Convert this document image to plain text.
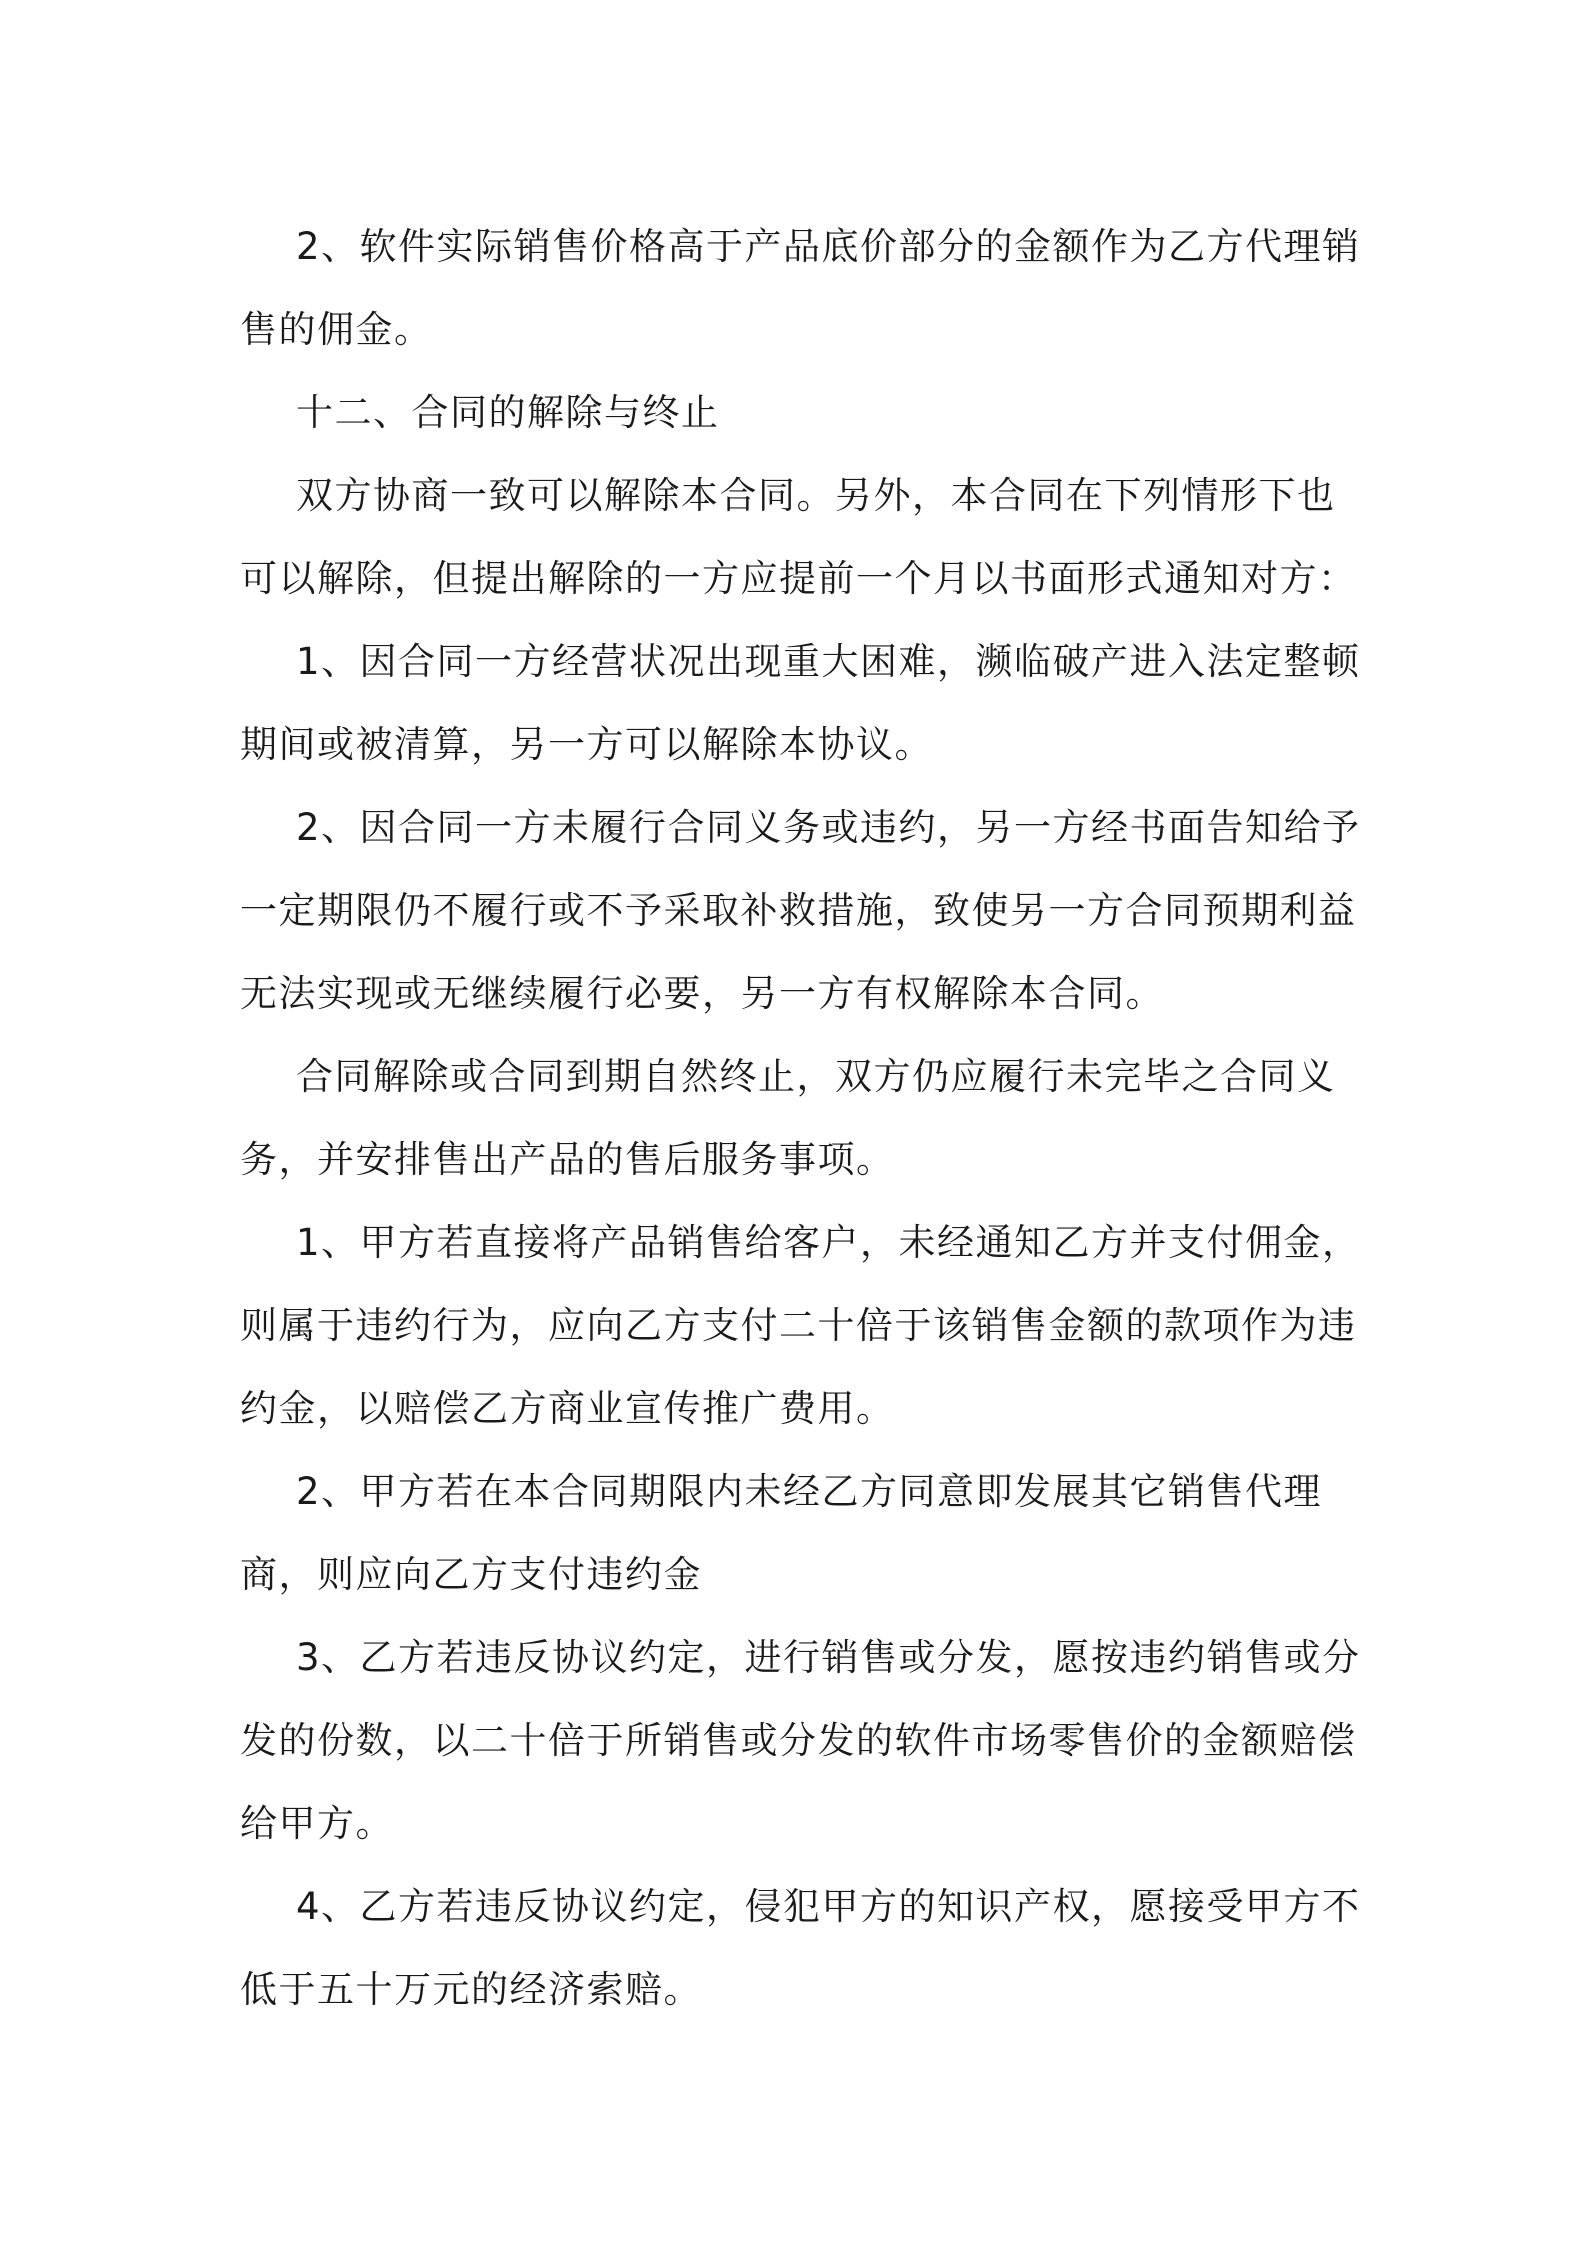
2、软件实际销售价格高于产品底价部分的金额作为乙方代理销
售的佣金。
十二、合同的解除与终止
双方协商一致可以解除本合同。另外，本合同在下列情形下也
可以解除，但提出解除的一方应提前一个月以书面形式通知对方：
1、因合同一方经营状况出现重大困难，濒临破产进入法定整顿
期间或被清算，另一方可以解除本协议。
2、因合同一方未履行合同义务或违约，另一方经书面告知给予
一定期限仍不履行或不予采取补救措施，致使另一方合同预期利益
无法实现或无继续履行必要，另一方有权解除本合同。
合同解除或合同到期自然终止，双方仍应履行未完毕之合同义
务，并安排售出产品的售后服务事项。
1、甲方若直接将产品销售给客户，未经通知乙方并支付佣金，
则属于违约行为，应向乙方支付二十倍于该销售金额的款项作为违
约金，以赔偿乙方商业宣传推广费用。
2、甲方若在本合同期限内未经乙方同意即发展其它销售代理
商，则应向乙方支付违约金
3、乙方若违反协议约定，进行销售或分发，愿按违约销售或分
发的份数，以二十倍于所销售或分发的软件市场零售价的金额赔偿
给甲方。
4、乙方若违反协议约定，侵犯甲方的知识产权，愿接受甲方不
低于五十万元的经济索赔。
